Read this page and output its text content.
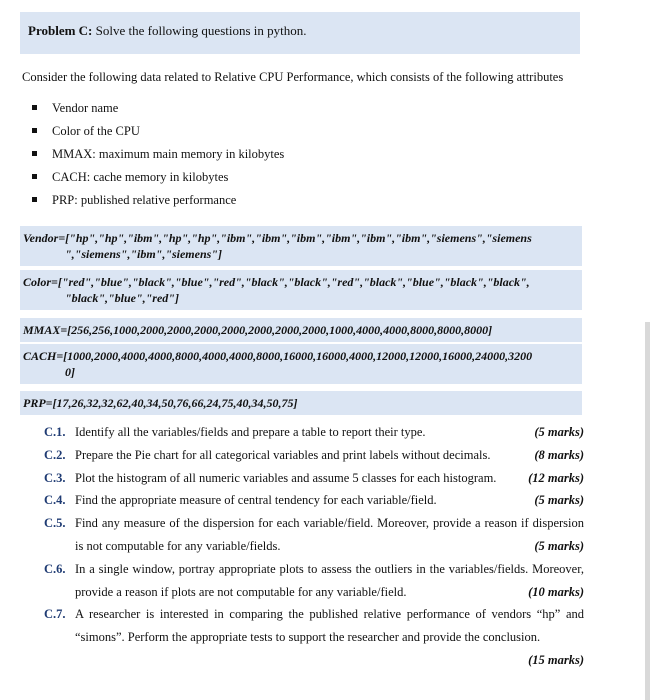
Problem C: Solve the following questions in python.
Consider the following data related to Relative CPU Performance, which consists of the following attributes
Vendor name
Color of the CPU
MMAX: maximum main memory in kilobytes
CACH: cache memory in kilobytes
PRP: published relative performance
Vendor=["hp","hp","ibm","hp","hp","ibm","ibm","ibm","ibm","ibm","ibm","siemens","siemens
","siemens","ibm","siemens"]
Color=["red","blue","black","blue","red","black","black","red","black","blue","black","black",
"black","blue","red"]
MMAX=[256,256,1000,2000,2000,2000,2000,2000,2000,2000,1000,4000,4000,8000,8000,8000]
CACH=[1000,2000,4000,4000,8000,4000,4000,8000,16000,16000,4000,12000,12000,16000,24000,3200
0]
PRP=[17,26,32,32,62,40,34,50,76,66,24,75,40,34,50,75]
C.1.	(5 marks)
Identify all the variables/fields and prepare a table to report their type.
C.2.	(8 marks)
Prepare the Pie chart for all categorical variables and print labels without decimals.
C.3.	(12 marks)
Plot the histogram of all numeric variables and assume 5 classes for each histogram.
C.4.	(5 marks)
Find the appropriate measure of central tendency for each variable/field.
C.5. Find any measure of the dispersion for each variable/field. Moreover, provide a reason if dispersion is not computable for any variable/fields.	(5 marks)
C.6. In a single window, portray appropriate plots to assess the outliers in the variables/fields. Moreover, provide a reason if plots are not computable for any variable/field.	(10 marks)
C.7. A researcher is interested in comparing the published relative performance of vendors “hp” and “simons”. Perform the appropriate tests to support the researcher and provide the conclusion.

(15 marks)
